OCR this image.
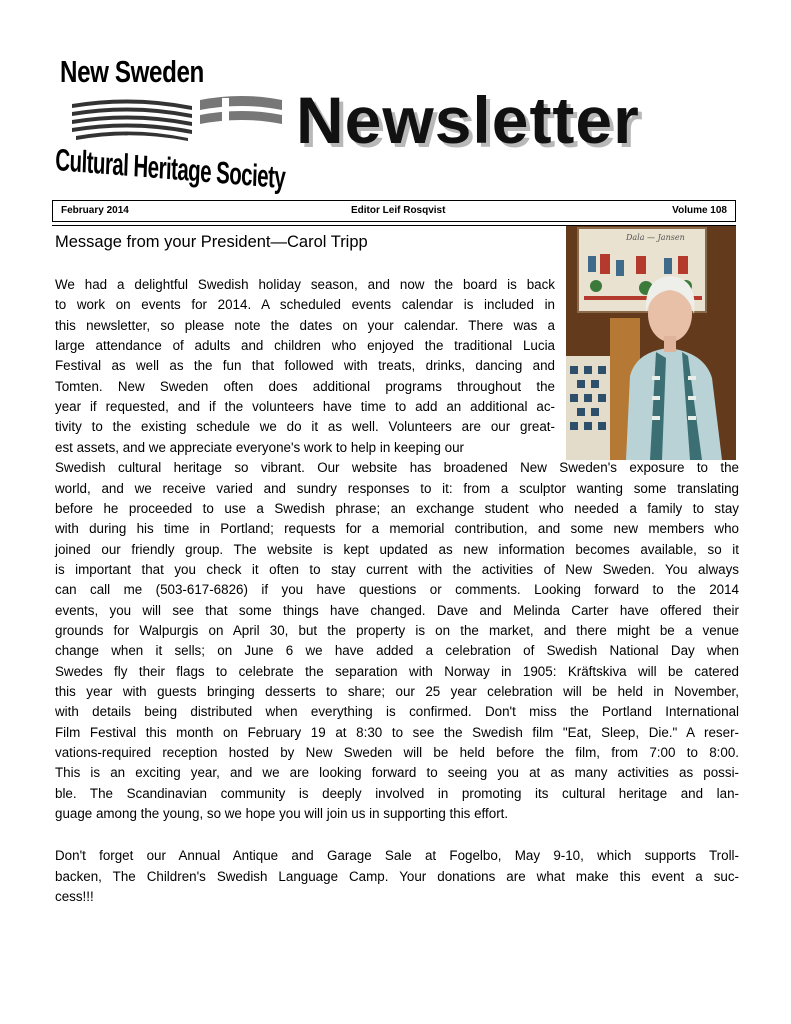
New Sweden
Cultural Heritage Society
Newsletter
February 2014	Editor Leif Rosqvist	Volume 108
Message from your President—Carol Tripp	Dala — Jansen
We had a delightful Swedish holiday season, and now the board is back
to work on events for 2014. A scheduled events calendar is included in
this newsletter, so please note the dates on your calendar. There was a
large attendance of adults and children who enjoyed the traditional Lucia
Festival as well as the fun that followed with treats, drinks, dancing and
Tomten. New Sweden often does additional programs throughout the
year if requested, and if the volunteers have time to add an additional ac-
tivity to the existing schedule we do it as well. Volunteers are our great-
est assets, and we appreciate everyone's work to help in keeping our
Swedish cultural heritage so vibrant. Our website has broadened New Sweden's exposure to the
world, and we receive varied and sundry responses to it: from a sculptor wanting some translating
before he proceeded to use a Swedish phrase; an exchange student who needed a family to stay
with during his time in Portland; requests for a memorial contribution, and some new members who
joined our friendly group. The website is kept updated as new information becomes available, so it
is important that you check it often to stay current with the activities of New Sweden. You always
can call me (503-617-6826) if you have questions or comments. Looking forward to the 2014
events, you will see that some things have changed. Dave and Melinda Carter have offered their
grounds for Walpurgis on April 30, but the property is on the market, and there might be a venue
change when it sells; on June 6 we have added a celebration of Swedish National Day when
Swedes fly their flags to celebrate the separation with Norway in 1905: Kräftskiva will be catered
this year with guests bringing desserts to share; our 25 year celebration will be held in November,
with details being distributed when everything is confirmed. Don't miss the Portland International
Film Festival this month on February 19 at 8:30 to see the Swedish film "Eat, Sleep, Die." A reser-
vations-required reception hosted by New Sweden will be held before the film, from 7:00 to 8:00.
This is an exciting year, and we are looking forward to seeing you at as many activities as possi-
ble. The Scandinavian community is deeply involved in promoting its cultural heritage and lan-
guage among the young, so we hope you will join us in supporting this effort.
Don't forget our Annual Antique and Garage Sale at Fogelbo, May 9-10, which supports Troll-
backen, The Children's Swedish Language Camp. Your donations are what make this event a suc-
cess!!!
